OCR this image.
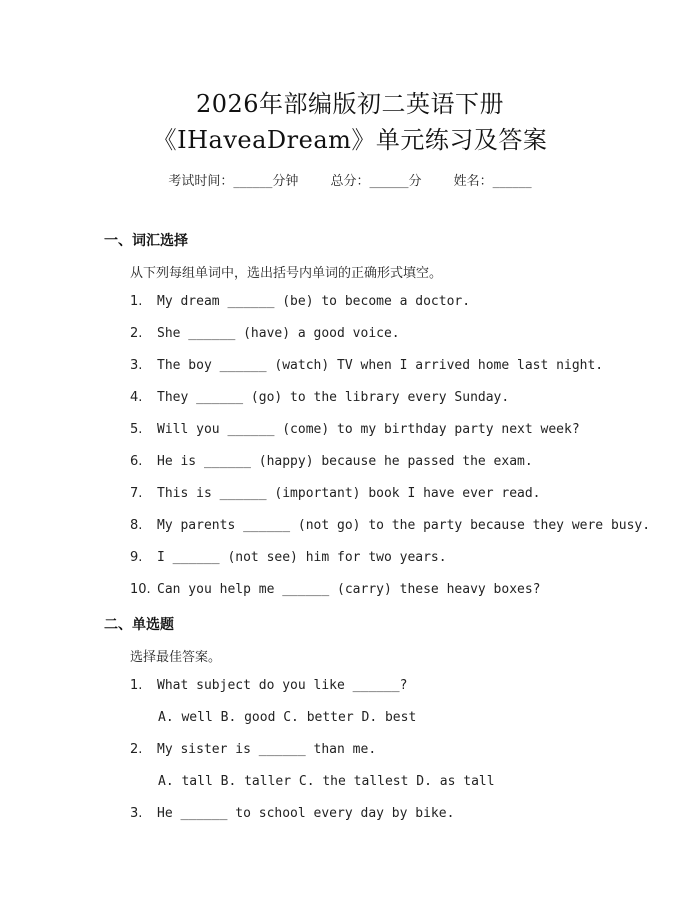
2026年部编版初二英语下册
《IHaveaDream》单元练习及答案
考试时间：______分钟 总分：______分 姓名：______
一、词汇选择
从下列每组单词中，选出括号内单词的正确形式填空。
1. My dream ______ (be) to become a doctor.
2. She ______ (have) a good voice.
3. The boy ______ (watch) TV when I arrived home last night.
4. They ______ (go) to the library every Sunday.
5. Will you ______ (come) to my birthday party next week?
6. He is ______ (happy) because he passed the exam.
7. This is ______ (important) book I have ever read.
8. My parents ______ (not go) to the party because they were busy.
9. I ______ (not see) him for two years.
10. Can you help me ______ (carry) these heavy boxes?
二、单选题
选择最佳答案。
1. What subject do you like ______?
A. well B. good C. better D. best
2. My sister is ______ than me.
A. tall B. taller C. the tallest D. as tall
3. He ______ to school every day by bike.
